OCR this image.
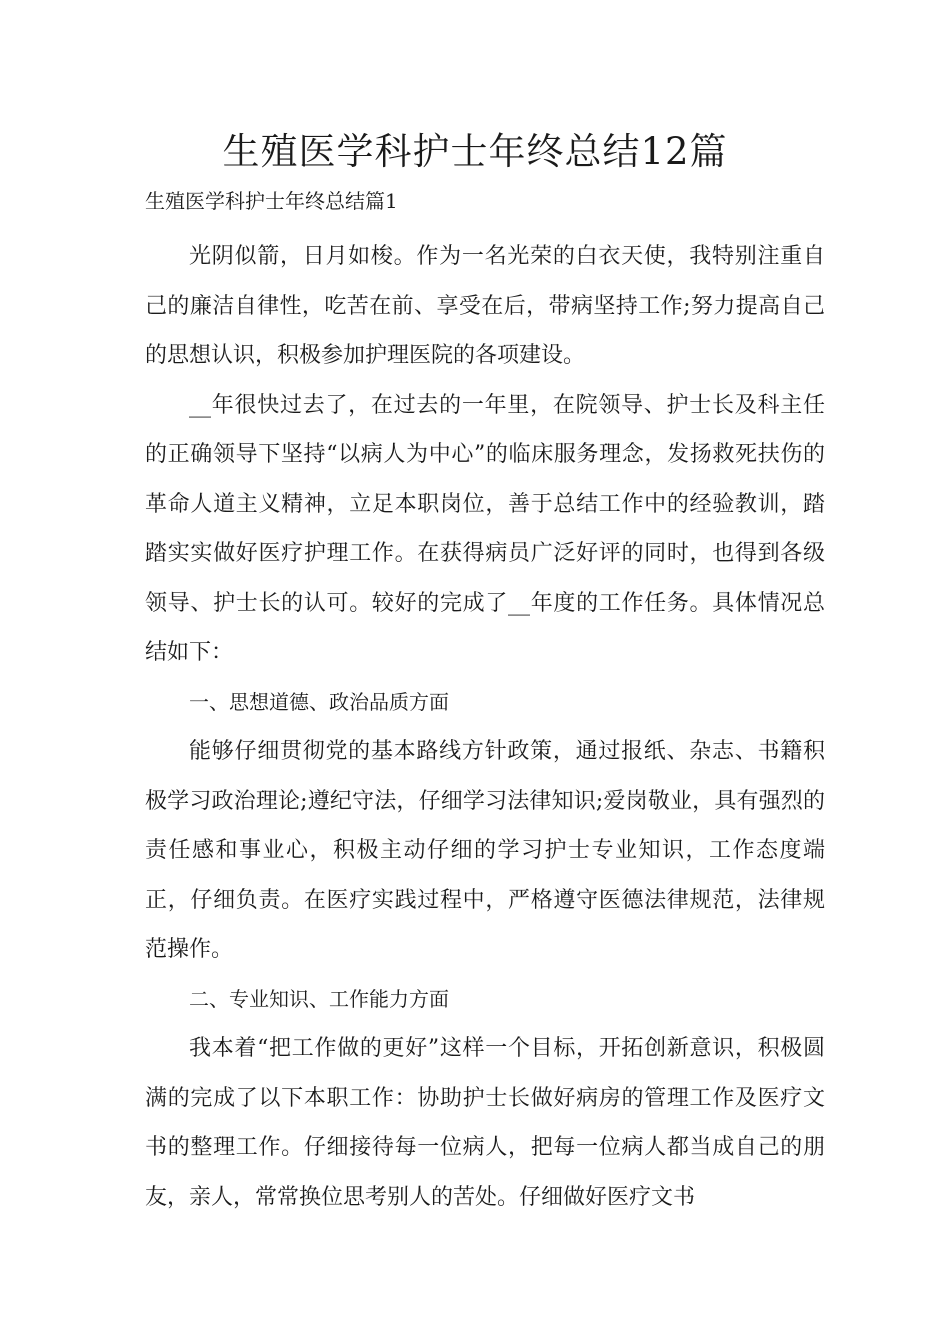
生殖医学科护士年终总结12篇
生殖医学科护士年终总结篇1

光阴似箭，日月如梭。作为一名光荣的白衣天使，我特别注重自己的廉洁自律性，吃苦在前、享受在后，带病坚持工作;努力提高自己的思想认识，积极参加护理医院的各项建设。

__年很快过去了，在过去的一年里，在院领导、护士长及科主任的正确领导下坚持“以病人为中心”的临床服务理念，发扬救死扶伤的革命人道主义精神，立足本职岗位，善于总结工作中的经验教训，踏踏实实做好医疗护理工作。在获得病员广泛好评的同时，也得到各级领导、护士长的认可。较好的完成了__年度的工作任务。具体情况总结如下：

一、思想道德、政治品质方面

能够仔细贯彻党的基本路线方针政策，通过报纸、杂志、书籍积极学习政治理论;遵纪守法，仔细学习法律知识;爱岗敬业，具有强烈的责任感和事业心，积极主动仔细的学习护士专业知识，工作态度端正，仔细负责。在医疗实践过程中，严格遵守医德法律规范，法律规范操作。

二、专业知识、工作能力方面

我本着“把工作做的更好”这样一个目标，开拓创新意识，积极圆满的完成了以下本职工作：协助护士长做好病房的管理工作及医疗文书的整理工作。仔细接待每一位病人，把每一位病人都当成自己的朋友，亲人，常常换位思考别人的苦处。仔细做好医疗文书
